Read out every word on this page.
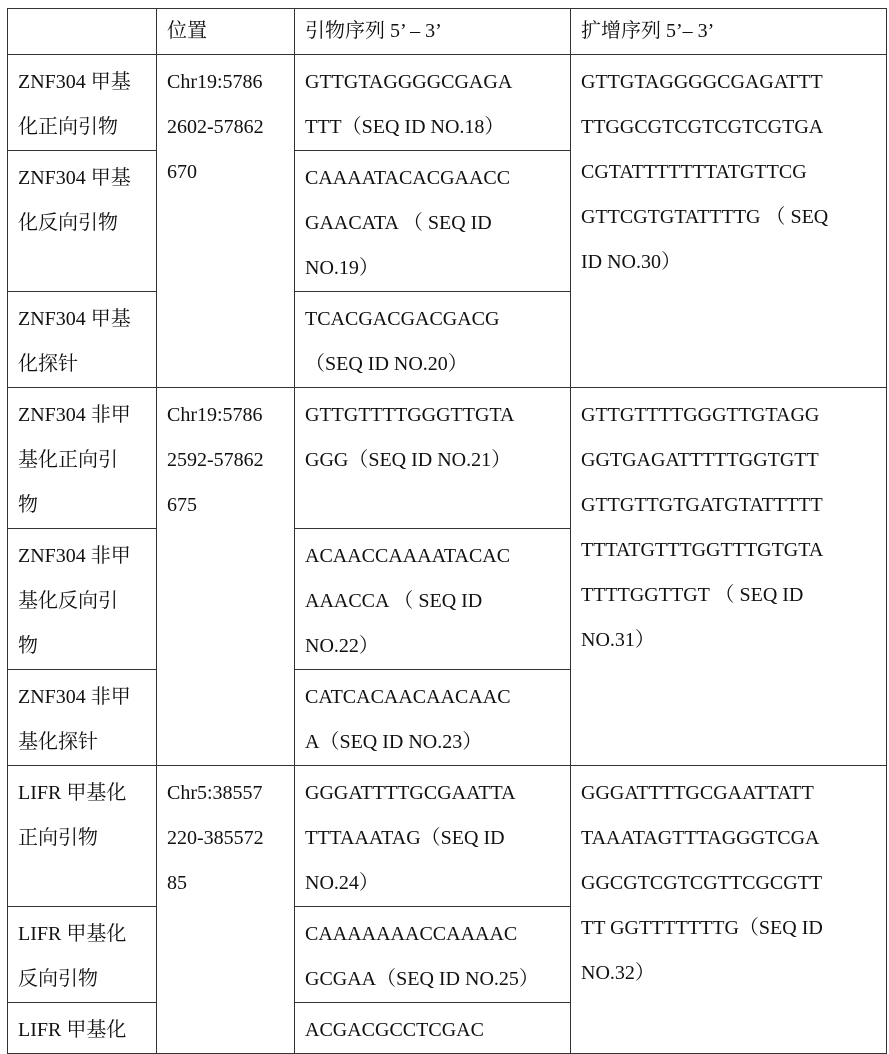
	位置	引物序列 5’ – 3’	扩增序列 5’– 3’
ZNF304 甲基
化正向引物	Chr19:5786
2602-57862
670	GTTGTAGGGGCGAGA
TTT（SEQ ID NO.18）	GTTGTAGGGGCGAGATTT
TTGGCGTCGTCGTCGTGA
CGTATTTTTTTATGTTCG
GTTCGTGTATTTTG （ SEQ
ID NO.30）
ZNF304 甲基
化反向引物	CAAAATACACGAACC
GAACATA （ SEQ ID
NO.19）
ZNF304 甲基
化探针	TCACGACGACGACG
（SEQ ID NO.20）
ZNF304 非甲
基化正向引
物	Chr19:5786
2592-57862
675	GTTGTTTTGGGTTGTA
GGG（SEQ ID NO.21）	GTTGTTTTGGGTTGTAGG
GGTGAGATTTTTGGTGTT
GTTGTTGTGATGTATTTTT
TTTATGTTTGGTTTGTGTA
TTTTGGTTGT （ SEQ ID
NO.31）
ZNF304 非甲
基化反向引
物	ACAACCAAAATACAC
AAACCA （ SEQ ID
NO.22）
ZNF304 非甲
基化探针	CATCACAACAACAAC
A（SEQ ID NO.23）
LIFR 甲基化
正向引物	Chr5:38557
220-385572
85	GGGATTTTGCGAATTA
TTTAAATAG（SEQ ID
NO.24）	GGGATTTTGCGAATTATT
TAAATAGTTTAGGGTCGA
GGCGTCGTCGTTCGCGTT
TT GGTTTTTTTG（SEQ ID
NO.32）
LIFR 甲基化
反向引物	CAAAAAAACCAAAAC
GCGAA（SEQ ID NO.25）
LIFR 甲基化	ACGACGCCTCGAC
